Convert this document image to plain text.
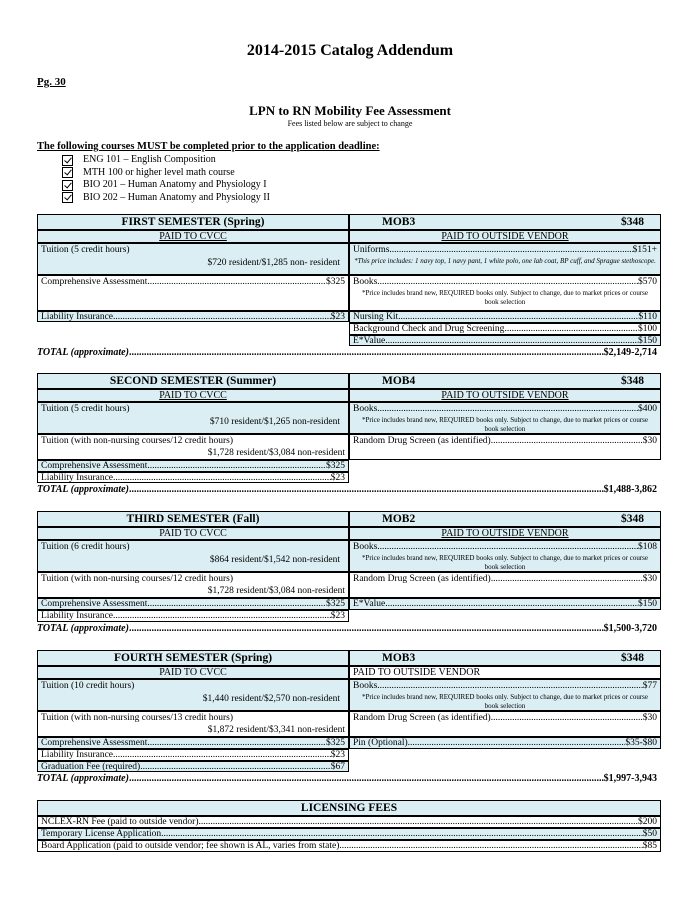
2014-2015 Catalog Addendum
Pg. 30
LPN to RN Mobility Fee Assessment
Fees listed below are subject to change
The following courses MUST be completed prior to the application deadline:
ENG 101 – English Composition
MTH 100 or higher level math course
BIO 201 – Human Anatomy and Physiology I
BIO 202 – Human Anatomy and Physiology II
FIRST SEMESTER (Spring)	MOB3	$348
PAID TO CVCC	PAID TO OUTSIDE VENDOR
Tuition (5 credit hours)
$720 resident/$1,285 non- resident
Comprehensive Assessment .....	$325
Liability Insurance .....	$23
Uniforms .....	$151+
*This price includes: 1 navy top, 1 navy pant, 1 white polo, one lab coat, BP cuff, and Sprague stethoscope.
Books .....	$570
*Price includes brand new, REQUIRED books only. Subject to change, due to market prices or course book selection
Nursing Kit .....	$110
Background Check and Drug Screening .....	$100
E*Value .....	$150
TOTAL (approximate) .....	$2,149-2,714
SECOND SEMESTER (Summer)	MOB4	$348
PAID TO CVCC	PAID TO OUTSIDE VENDOR
Tuition (5 credit hours)
$710 resident/$1,265 non-resident
Tuition (with non-nursing courses/12 credit hours)
$1,728 resident/$3,084 non-resident
Comprehensive Assessment .....	$325
Liability Insurance .....	$23
Books .....	$400
*Price includes brand new, REQUIRED books only. Subject to change, due to market prices or course book selection
Random Drug Screen (as identified) .....	$30
TOTAL (approximate) .....	$1,488-3,862
THIRD SEMESTER (Fall)	MOB2	$348
PAID TO CVCC	PAID TO OUTSIDE VENDOR
Tuition (6 credit hours)
$864 resident/$1,542 non-resident
Tuition (with non-nursing courses/12 credit hours)
$1,728 resident/$3,084 non-resident
Comprehensive Assessment .....	$325
Liability Insurance .....	$23
Books .....	$108
*Price includes brand new, REQUIRED books only. Subject to change, due to market prices or course book selection
Random Drug Screen (as identified) .....	$30
E*Value .....	$150
TOTAL (approximate) .....	$1,500-3,720
FOURTH SEMESTER (Spring)	MOB3	$348
PAID TO CVCC	PAID TO OUTSIDE VENDOR
Tuition (10 credit hours)
$1,440 resident/$2,570 non-resident
Tuition (with non-nursing courses/13 credit hours)
$1,872 resident/$3,341 non-resident
Comprehensive Assessment .....	$325
Liability Insurance .....	$23
Graduation Fee (required) .....	$67
Books .....	$77
*Price includes brand new, REQUIRED books only. Subject to change, due to market prices or course book selection
Random Drug Screen (as identified) .....	$30
Pin (Optional) .....	$35-$80
TOTAL (approximate) .....	$1,997-3,943
LICENSING FEES
NCLEX-RN Fee (paid to outside vendor) .....	$200
Temporary License Application .....	$50
Board Application (paid to outside vendor; fee shown is AL, varies from state) .....	$85
